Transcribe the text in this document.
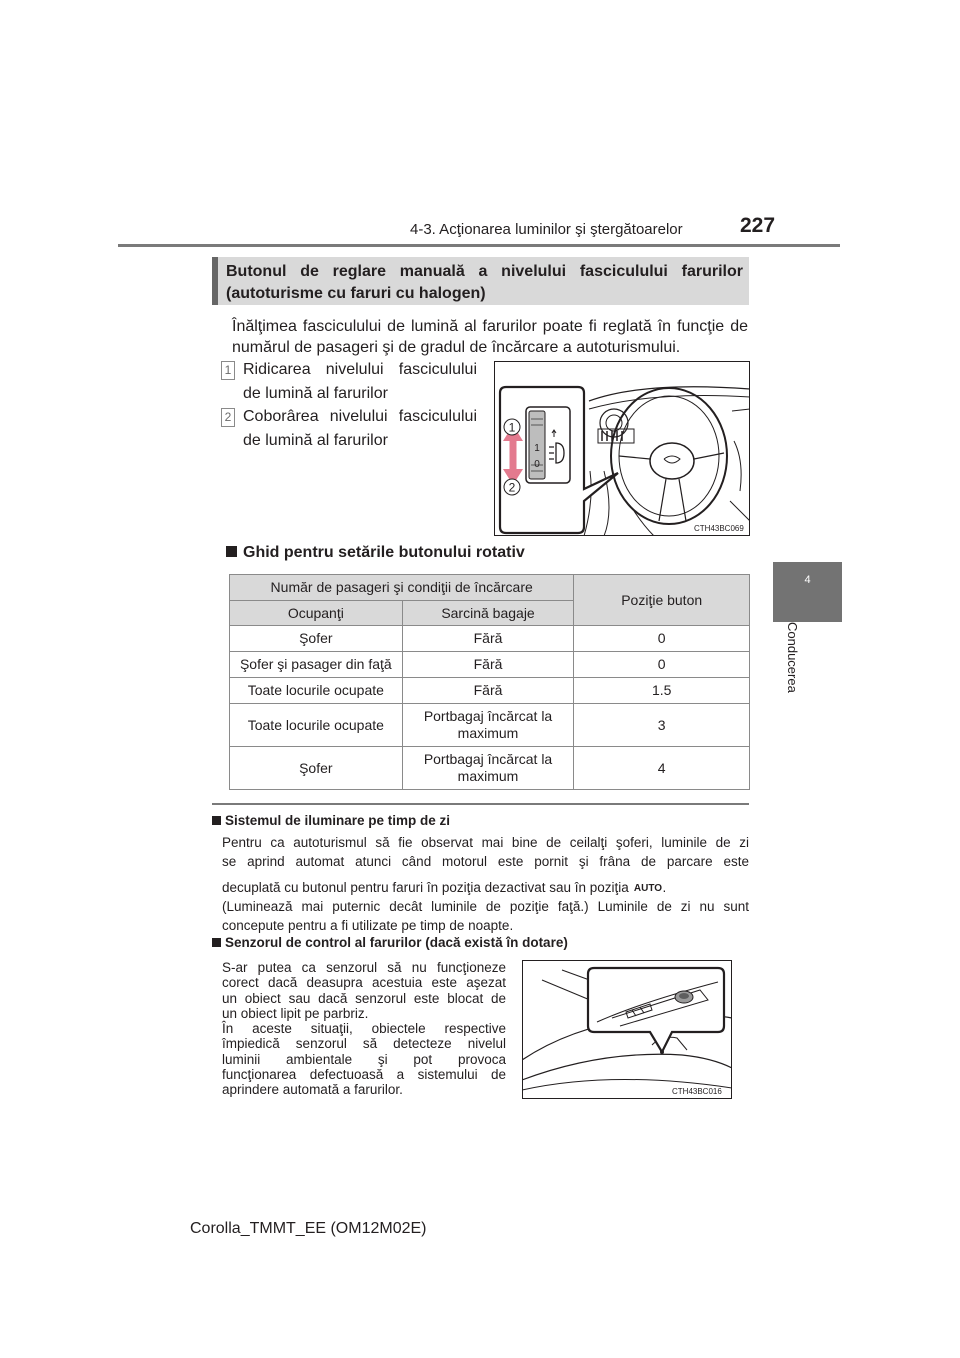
4-3. Acţionarea luminilor şi ştergătoarelor	227
4
Conducerea
Butonul de reglare manuală a nivelului fasciculului farurilor
(autoturisme cu faruri cu halogen)
Înălţimea fasciculului de lumină al farurilor poate fi reglată în funcţie de
numărul de pasageri şi de gradul de încărcare a autoturismului.
1 Ridicarea nivelului fasciculului
de lumină al farurilor
2 Coborârea nivelului fasciculului
de lumină al farurilor	1
0
1
2
CTH43BC069
Ghid pentru setările butonului rotativ
Număr de pasageri şi condiţii de încărcare		Poziţie buton
Ocupanţi	Sarcină bagaje	
Şofer	Fără	0
Şofer şi pasager din faţă	Fără	0
Toate locurile ocupate	Fără	1.5
Toate locurile ocupate	Portbagaj încărcat la maximum	3
Şofer	Portbagaj încărcat la maximum	4
Sistemul de iluminare pe timp de zi
Pentru ca autoturismul să fie observat mai bine de ceilalţi şoferi, luminile de zi
se aprind automat atunci când motorul este pornit şi frâna de parcare este
decuplată cu butonul pentru faruri în poziţia dezactivat sau în poziţia AUTO .
(Luminează mai puternic decât luminile de poziţie faţă.) Luminile de zi nu sunt
concepute pentru a fi utilizate pe timp de noapte.
Senzorul de control al farurilor (dacă există în dotare)
S-ar putea ca senzorul să nu funcţioneze
corect dacă deasupra acestuia este aşezat
un obiect sau dacă senzorul este blocat de
un obiect lipit pe parbriz.
În aceste situaţii, obiectele respective
împiedică senzorul să detecteze nivelul
luminii ambientale şi pot provoca
funcţionarea defectuoasă a sistemului de
aprindere automată a farurilor.	CTH43BC016
Corolla_TMMT_EE (OM12M02E)
